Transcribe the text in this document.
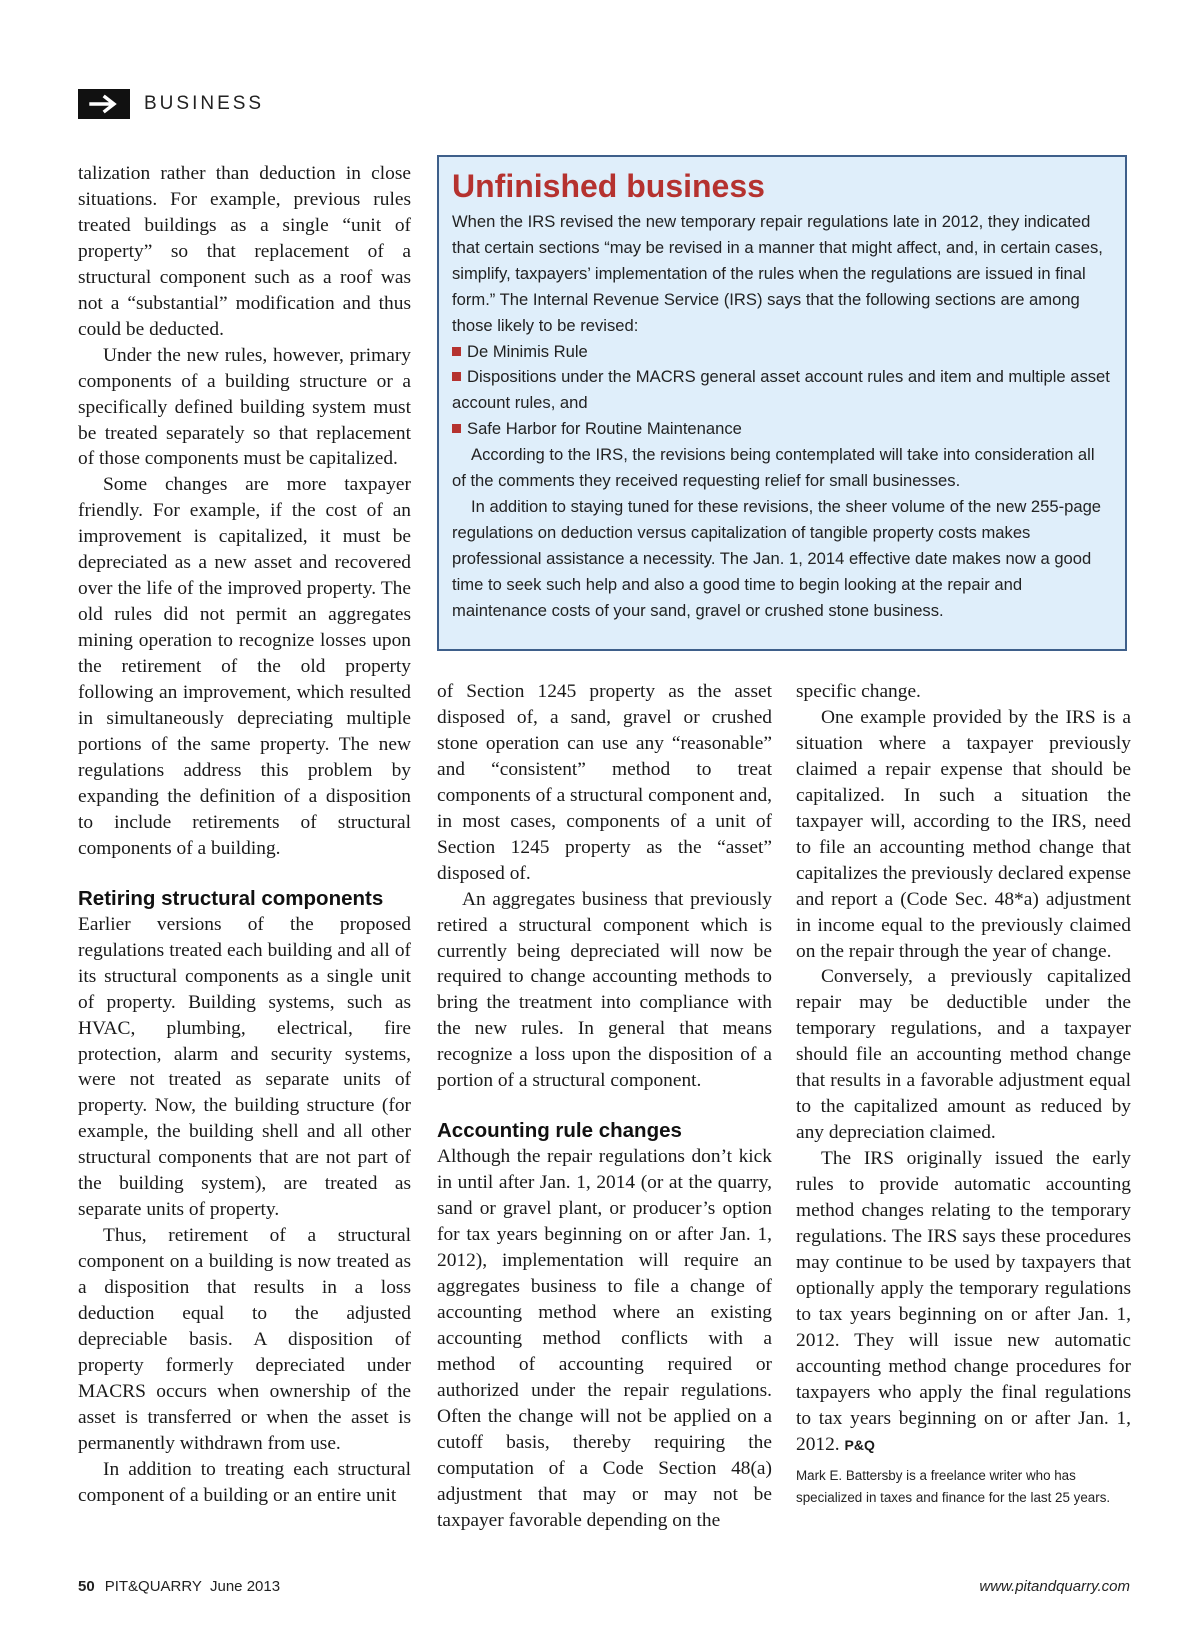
BUSINESS

talization rather than deduction in close situations. For example, previous rules treated buildings as a single “unit of property” so that replacement of a structural component such as a roof was not a “substantial” modification and thus could be deducted.

Under the new rules, however, primary components of a building structure or a specifically defined building system must be treated separately so that replacement of those components must be capitalized.

Some changes are more taxpayer friendly. For example, if the cost of an improvement is capitalized, it must be depreciated as a new asset and recovered over the life of the improved property. The old rules did not permit an aggregates mining operation to recognize losses upon the retirement of the old property following an improvement, which resulted in simultaneously depreciating multiple portions of the same property. The new regulations address this problem by expanding the definition of a disposition to include retirements of structural components of a building.

Retiring structural components

Earlier versions of the proposed regulations treated each building and all of its structural components as a single unit of property. Building systems, such as HVAC, plumbing, electrical, fire protection, alarm and security systems, were not treated as separate units of property. Now, the building structure (for example, the building shell and all other structural components that are not part of the building system), are treated as separate units of property.

Thus, retirement of a structural component on a building is now treated as a disposition that results in a loss deduction equal to the adjusted depreciable basis. A disposition of property formerly depreciated under MACRS occurs when ownership of the asset is transferred or when the asset is permanently withdrawn from use.

In addition to treating each structural component of a building or an entire unit

Unfinished business

When the IRS revised the new temporary repair regulations late in 2012, they indicated that certain sections “may be revised in a manner that might affect, and, in certain cases, simplify, taxpayers’ implementation of the rules when the regulations are issued in final form.” The Internal Revenue Service (IRS) says that the following sections are among those likely to be revised:

De Minimis Rule
Dispositions under the MACRS general asset account rules and item and multiple asset account rules, and
Safe Harbor for Routine Maintenance

According to the IRS, the revisions being contemplated will take into consideration all of the comments they received requesting relief for small businesses.

In addition to staying tuned for these revisions, the sheer volume of the new 255-page regulations on deduction versus capitalization of tangible property costs makes professional assistance a necessity. The Jan. 1, 2014 effective date makes now a good time to seek such help and also a good time to begin looking at the repair and maintenance costs of your sand, gravel or crushed stone business.

of Section 1245 property as the asset disposed of, a sand, gravel or crushed stone operation can use any “reasonable” and “consistent” method to treat components of a structural component and, in most cases, components of a unit of Section 1245 property as the “asset” disposed of.

An aggregates business that previously retired a structural component which is currently being depreciated will now be required to change accounting methods to bring the treatment into compliance with the new rules. In general that means recognize a loss upon the disposition of a portion of a structural component.

Accounting rule changes

Although the repair regulations don’t kick in until after Jan. 1, 2014 (or at the quarry, sand or gravel plant, or producer’s option for tax years beginning on or after Jan. 1, 2012), implementation will require an aggregates business to file a change of accounting method where an existing accounting method conflicts with a method of accounting required or authorized under the repair regulations. Often the change will not be applied on a cutoff basis, thereby requiring the computation of a Code Section 48(a) adjustment that may or may not be taxpayer favorable depending on the

specific change.

One example provided by the IRS is a situation where a taxpayer previously claimed a repair expense that should be capitalized. In such a situation the taxpayer will, according to the IRS, need to file an accounting method change that capitalizes the previously declared expense and report a (Code Sec. 48*a) adjustment in income equal to the previously claimed on the repair through the year of change.

Conversely, a previously capitalized repair may be deductible under the temporary regulations, and a taxpayer should file an accounting method change that results in a favorable adjustment equal to the capitalized amount as reduced by any depreciation claimed.

The IRS originally issued the early rules to provide automatic accounting method changes relating to the temporary regulations. The IRS says these procedures may continue to be used by taxpayers that optionally apply the temporary regulations to tax years beginning on or after Jan. 1, 2012. They will issue new automatic accounting method change procedures for taxpayers who apply the final regulations to tax years beginning on or after Jan. 1, 2012. P&Q

Mark E. Battersby is a freelance writer who has specialized in taxes and finance for the last 25 years.

50 PIT&QUARRY  June 2013	www.pitandquarry.com
